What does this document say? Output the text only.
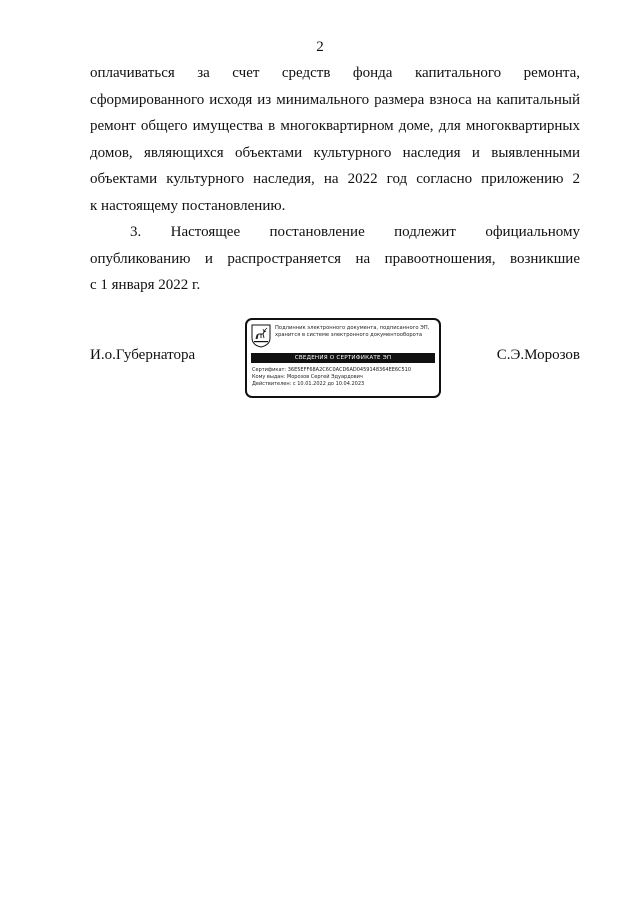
2

оплачиваться за счет средств фонда капитального ремонта,
сформированного исходя из минимального размера взноса на капитальный
ремонт общего имущества в многоквартирном доме, для многоквартирных
домов, являющихся объектами культурного наследия и выявленными
объектами культурного наследия, на 2022 год согласно приложению 2
к настоящему постановлению.

3. Настоящее постановление подлежит официальному
опубликованию и распространяется на правоотношения, возникшие
с 1 января 2022 г.

И.о.Губернатора
Подлинник электронного документа, подписанного ЭП,
хранится в системе электронного документооборота
СВЕДЕНИЯ О СЕРТИФИКАТЕ ЭП
Сертификат: 36E5EFF68A2C6C0ACD6AD0459148364EE6C510
Кому выдан: Морозов Сергей Эдуардович
Действителен: с 10.01.2022 до 10.04.2023
С.Э.Морозов
